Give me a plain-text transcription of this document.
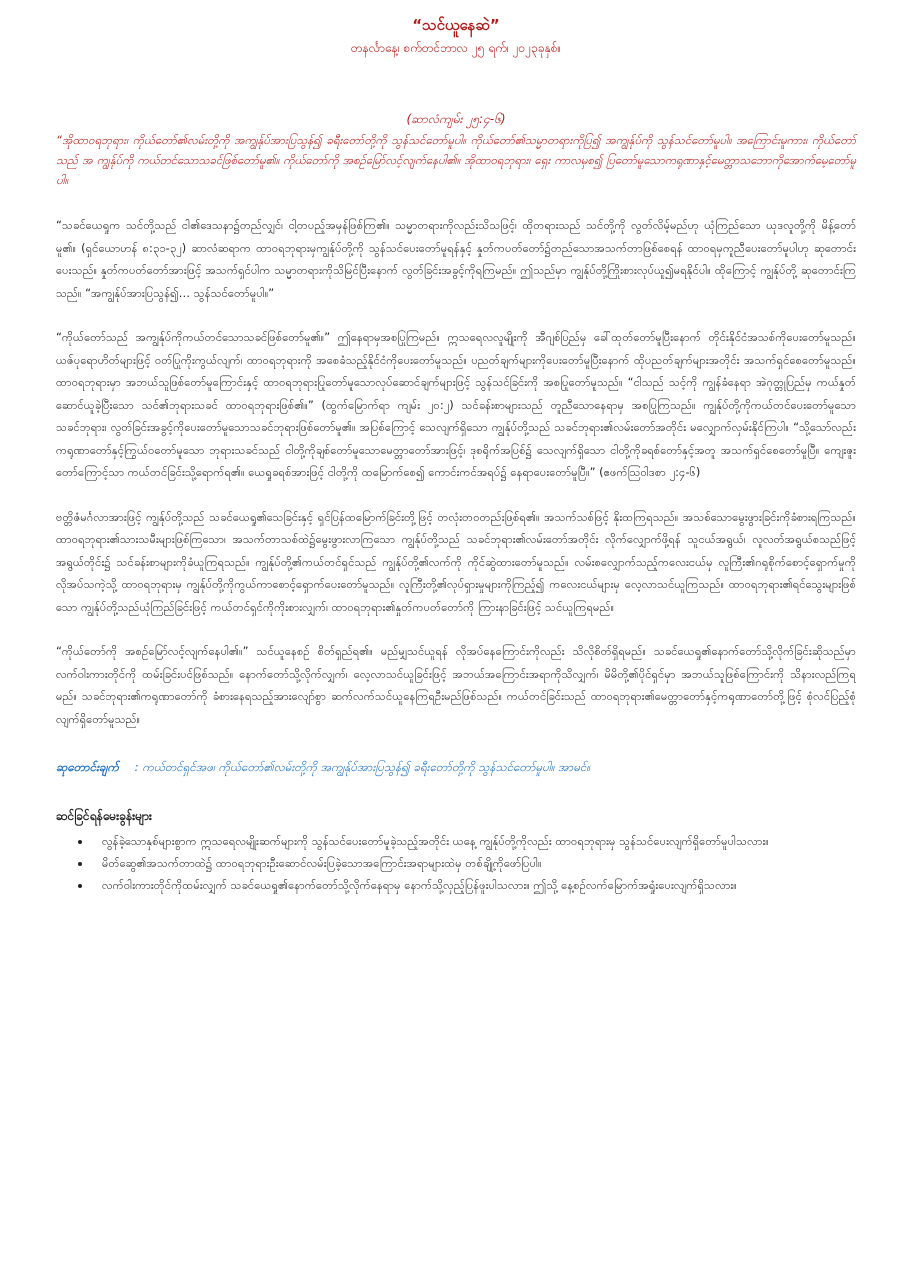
“သင်ယူနေဆဲ”

တနင်္လာနေ့၊ စက်တင်ဘာလ ၂၅ ရက်၊ ၂၀၂၃ခုနှစ်။

(ဆာလံကျမ်း ၂၅:၄-၆)

“အိုထာဝရဘုရား၊ ကိုယ်တော်၏လမ်းတို့ကို အကျွန်ုပ်အားပြသွန်၍ ခရီးတော်တို့ကို သွန်သင်တော်မူပါ။ ကိုယ်တော်၏သမ္မာတရားကိုပြ၍ အကျွန်ုပ်ကို သွန်သင်တော်မူပါ။ အကြောင်းမူကား၊ ကိုယ်တော်သည် အ ကျွန်ုပ်ကို ကယ်တင်သောသခင်ဖြစ်တော်မူ၏။ ကိုယ်တော်ကို အစဉ်မြော်လင့်လျက်နေပါ၏။ အိုထာဝရဘုရား၊ ရှေး ကာလမှစ၍ ပြတော်မူသောကရုဏာနှင့်မေတ္တာသဘောကိုအောက်မေ့တော်မူပါ။

“သခင်ယေရှုက သင်တို့သည် ငါ၏ဒေသနာ၌တည်လျှင်၊ ငါ့တပည့်အမှန်ဖြစ်ကြ၏။ သမ္မာတရားကိုလည်းသိသဖြင့်၊ ထိုတရားသည် သင်တို့ကို လွတ်လိမ့်မည်ဟု ယုံကြည်သော ယုဒလူတို့ကို မိန့်တော်မူ၏။ (ရှင်ယောဟန် ၈:၃၁-၃၂) ဆာလံဆရာက ထာဝရဘုရားမှကျွန်ုပ်တို့ကို သွန်သင်ပေးတော်မူရန်နှင့် နှုတ်ကပတ်တော်၌တည်သောအသက်တာဖြစ်စေရန် ထာဝရမှကူညီပေးတော်မူပါဟု ဆုတောင်းပေးသည်။ နှုတ်ကပတ်တော်အားဖြင့် အသက်ရှင်ပါက သမ္မာတရားကိုသိမြင်ပြီးနောက် လွတ်ခြင်းအခွင့်ကိုရကြမည်။ ဤသည်မှာ ကျွန်ုပ်တို့ကြိုးစားလုပ်ယူ၍မရနိုင်ပါ။ ထိုကြောင့် ကျွန်ုပ်တို့ ဆုတောင်းကြသည်။ “အကျွန်ုပ်အားပြသွန်၍… သွန်သင်တော်မူပါ။”

“ကိုယ်တော်သည် အကျွန်ုပ်ကိုကယ်တင်သောသခင်ဖြစ်တော်မူ၏။” ဤနေရာမှအစပြုကြမည်။ ဣသရေလလူမျိုးကို အီဂျစ်ပြည်မှ ခေါ်ထုတ်တော်မူပြီးနောက် တိုင်းနိုင်ငံအသစ်ကိုပေးတော်မူသည်။ ယဇ်ပုရောဟိတ်များဖြင့် ဝတ်ပြုကိုးကွယ်လျက်၊ ထာဝရဘုရားကို အစေခံသည့်နိုင်ငံကိုပေးတော်မူသည်။ ပညတ်ချက်များကိုပေးတော်မူပြီးနောက် ထိုပညတ်ချက်များအတိုင်း အသက်ရှင်စေတော်မူသည်။ ထာဝရဘုရားမှာ အဘယ်သူဖြစ်တော်မူကြောင်းနှင့် ထာဝရဘုရားပြုတော်မူသောလုပ်ဆောင်ချက်များဖြင့် သွန်သင်ခြင်းကို အစပြုတော်မူသည်။ “ငါသည် သင့်ကို ကျွန်ခံနေရာ အဲဂုတ္တုပြည်မှ ကယ်နှုတ်ဆောင်ယူခဲ့ပြီးသော သင်၏ဘုရားသခင် ထာဝရဘုရားဖြစ်၏။” (ထွက်မြောက်ရာ ကျမ်း ၂၀:၂) သင်ခန်းစာများသည် တူညီသောနေရာမှ အစပြုကြသည်။ ကျွန်ုပ်တို့ကိုကယ်တင်ပေးတော်မူသော သခင်ဘုရား၊ လွတ်ခြင်းအခွင့်ကိုပေးတော်မူသောသခင်ဘုရားဖြစ်တော်မူ၏။ အပြစ်ကြောင့် သေလျက်ရှိသော ကျွန်ုပ်တို့သည် သခင်ဘုရား၏လမ်းတော်အတိုင်း မလျှောက်လှမ်းနိုင်ကြပါ။ “သို့သော်လည်း ကရုဏာတော်နှင့်ကြွယ်ဝတော်မူသော ဘုရားသခင်သည် ငါတို့ကိုချစ်တော်မူသောမေတ္တာတော်အားဖြင့်၊ ဒုစရိုက်အပြစ်၌ သေလျက်ရှိသော ငါတို့ကိုခရစ်တော်နှင့်အတူ အသက်ရှင်စေတော်မူပြီ။ ကျေးဇူးတော်ကြောင့်သာ ကယ်တင်ခြင်းသို့ရောက်ရ၏။ ယေရှုခရစ်အားဖြင့် ငါတို့ကို ထမြောက်စေ၍ ကောင်းကင်အရပ်၌ နေရာပေးတော်မူပြီ။” (ဧဖက်သြဝါဒစာ ၂:၄-၆)

ဗတ္တိဇံမင်္ဂလာအားဖြင့် ကျွန်ုပ်တို့သည် သခင်ယေရှု၏သေခြင်းနှင့် ရှင်ပြန်ထမြောက်ခြင်းတို့ဖြင့် တလုံးတဝတည်းဖြစ်ရ၏။ အသက်သစ်ဖြင့် နိုးထကြရသည်။ အသစ်သောမွေးဖွားခြင်းကိုခံစားရကြသည်။ ထာဝရဘုရား၏သားသမီးများဖြစ်ကြသော၊ အသက်တာသစ်ထဲ၌မွေးဖွားလာကြသော ကျွန်ုပ်တို့သည် သခင်ဘုရား၏လမ်းတော်အတိုင်း လိုက်လျှောက်ဖို့ရန် သူငယ်အရွယ်၊ လူလတ်အရွယ်စသည်ဖြင့် အရွယ်တိုင်း၌ သင်ခန်းစာများကိုခံယူကြရသည်။ ကျွန်ုပ်တို့၏ကယ်တင်ရှင်သည် ကျွန်ုပ်တို့၏လက်ကို ကိုင်ဆွဲထားတော်မူသည်။ လမ်းစလျှောက်သည့်ကလေးငယ်မှ လူကြီး၏ဂရုစိုက်စောင့်ရှောက်မှုကို လိုအပ်သကဲ့သို့ ထာဝရဘုရားမှ ကျွန်ုပ်တို့ကိုကွယ်ကာစောင့်ရှောက်ပေးတော်မူသည်။ လူကြီးတို့၏လုပ်ရှားမှုများကိုကြည့်၍ ကလေးငယ်များမှ လေ့လာသင်ယူကြသည်။ ထာဝရဘုရား၏ရင်သွေးများဖြစ်သော ကျွန်ုပ်တို့သည်ယုံကြည်ခြင်းဖြင့် ကယ်တင်ရှင်ကိုကိုးစားလျှက်၊ ထာဝရဘုရား၏နှုတ်ကပတ်တော်ကို ကြားနာခြင်းဖြင့် သင်ယူကြရမည်။

“ကိုယ်တော်ကို အစဉ်မြော်လင့်လျက်နေပါ၏။” သင်ယူနေစဉ် စိတ်ရှည်ရ၏။ မည်မျှသင်ယူရန် လိုအပ်နေကြောင်းကိုလည်း သိလိုစိတ်ရှိရမည်။ သခင်ယေရှု၏နောက်တော်သို့လိုက်ခြင်းဆိုသည်မှာ လက်ဝါးကားတိုင်ကို ထမ်းခြင်းပင်ဖြစ်သည်။ နောက်တော်သို့လိုက်လျှက်၊ လေ့လာသင်ယူခြင်းဖြင့် အဘယ်အကြောင်းအရာကိုသိလျှက်၊ မိမိတို့၏ပိုင်ရှင်မှာ အဘယ်သူဖြစ်ကြောင်းကို သိနားလည်ကြရမည်။ သခင်ဘုရား၏ကရုဏာတော်ကို ခံစားနေရသည့်အားလျော်စွာ ဆက်လက်သင်ယူနေကြရဦးမည်ဖြစ်သည်။ ကယ်တင်ခြင်းသည် ထာဝရဘုရား၏မေတ္တာတော်နှင့်ကရုဏာတော်တို့ဖြင့် စုံလင်ပြည့်စုံလျက်ရှိတော်မူသည်။

ဆုတောင်းချက် : ကယ်တင်ရှင်အဖ၊ ကိုယ်တော်၏လမ်းတို့ကို အကျွန်ုပ်အားပြသွန်၍ ခရီးတော်တို့ကို သွန်သင်တော်မူပါ။ အာမင်။

ဆင်ခြင်ရန်မေးခွန်းများ

• လွန်ခဲ့သောနှစ်များစွာက ဣသရေလမျိုးဆက်များကို သွန်သင်ပေးတော်မူခဲ့သည့်အတိုင်း ယနေ့ ကျွန်ုပ်တို့ကိုလည်း ထာဝရဘုရားမှ သွန်သင်ပေးလျက်ရှိတော်မူပါသလား။
• မိတ်ဆွေ၏အသက်တာထဲ၌ ထာဝရဘုရားဦးဆောင်လမ်းပြခဲ့သောအကြောင်းအရာများထဲမှ တစ်ချို့ကိုဖော်ပြပါ။
• လက်ဝါးကားတိုင်ကိုထမ်းလျှက် သခင်ယေရှု၏နောက်တော်သို့လိုက်နေရာမှ နောက်သို့လှည့်ပြန်ဖူးပါသလား။ ဤသို့ နေ့စဉ်လက်မြောက်အရှုံးပေးလျက်ရှိသလား။
